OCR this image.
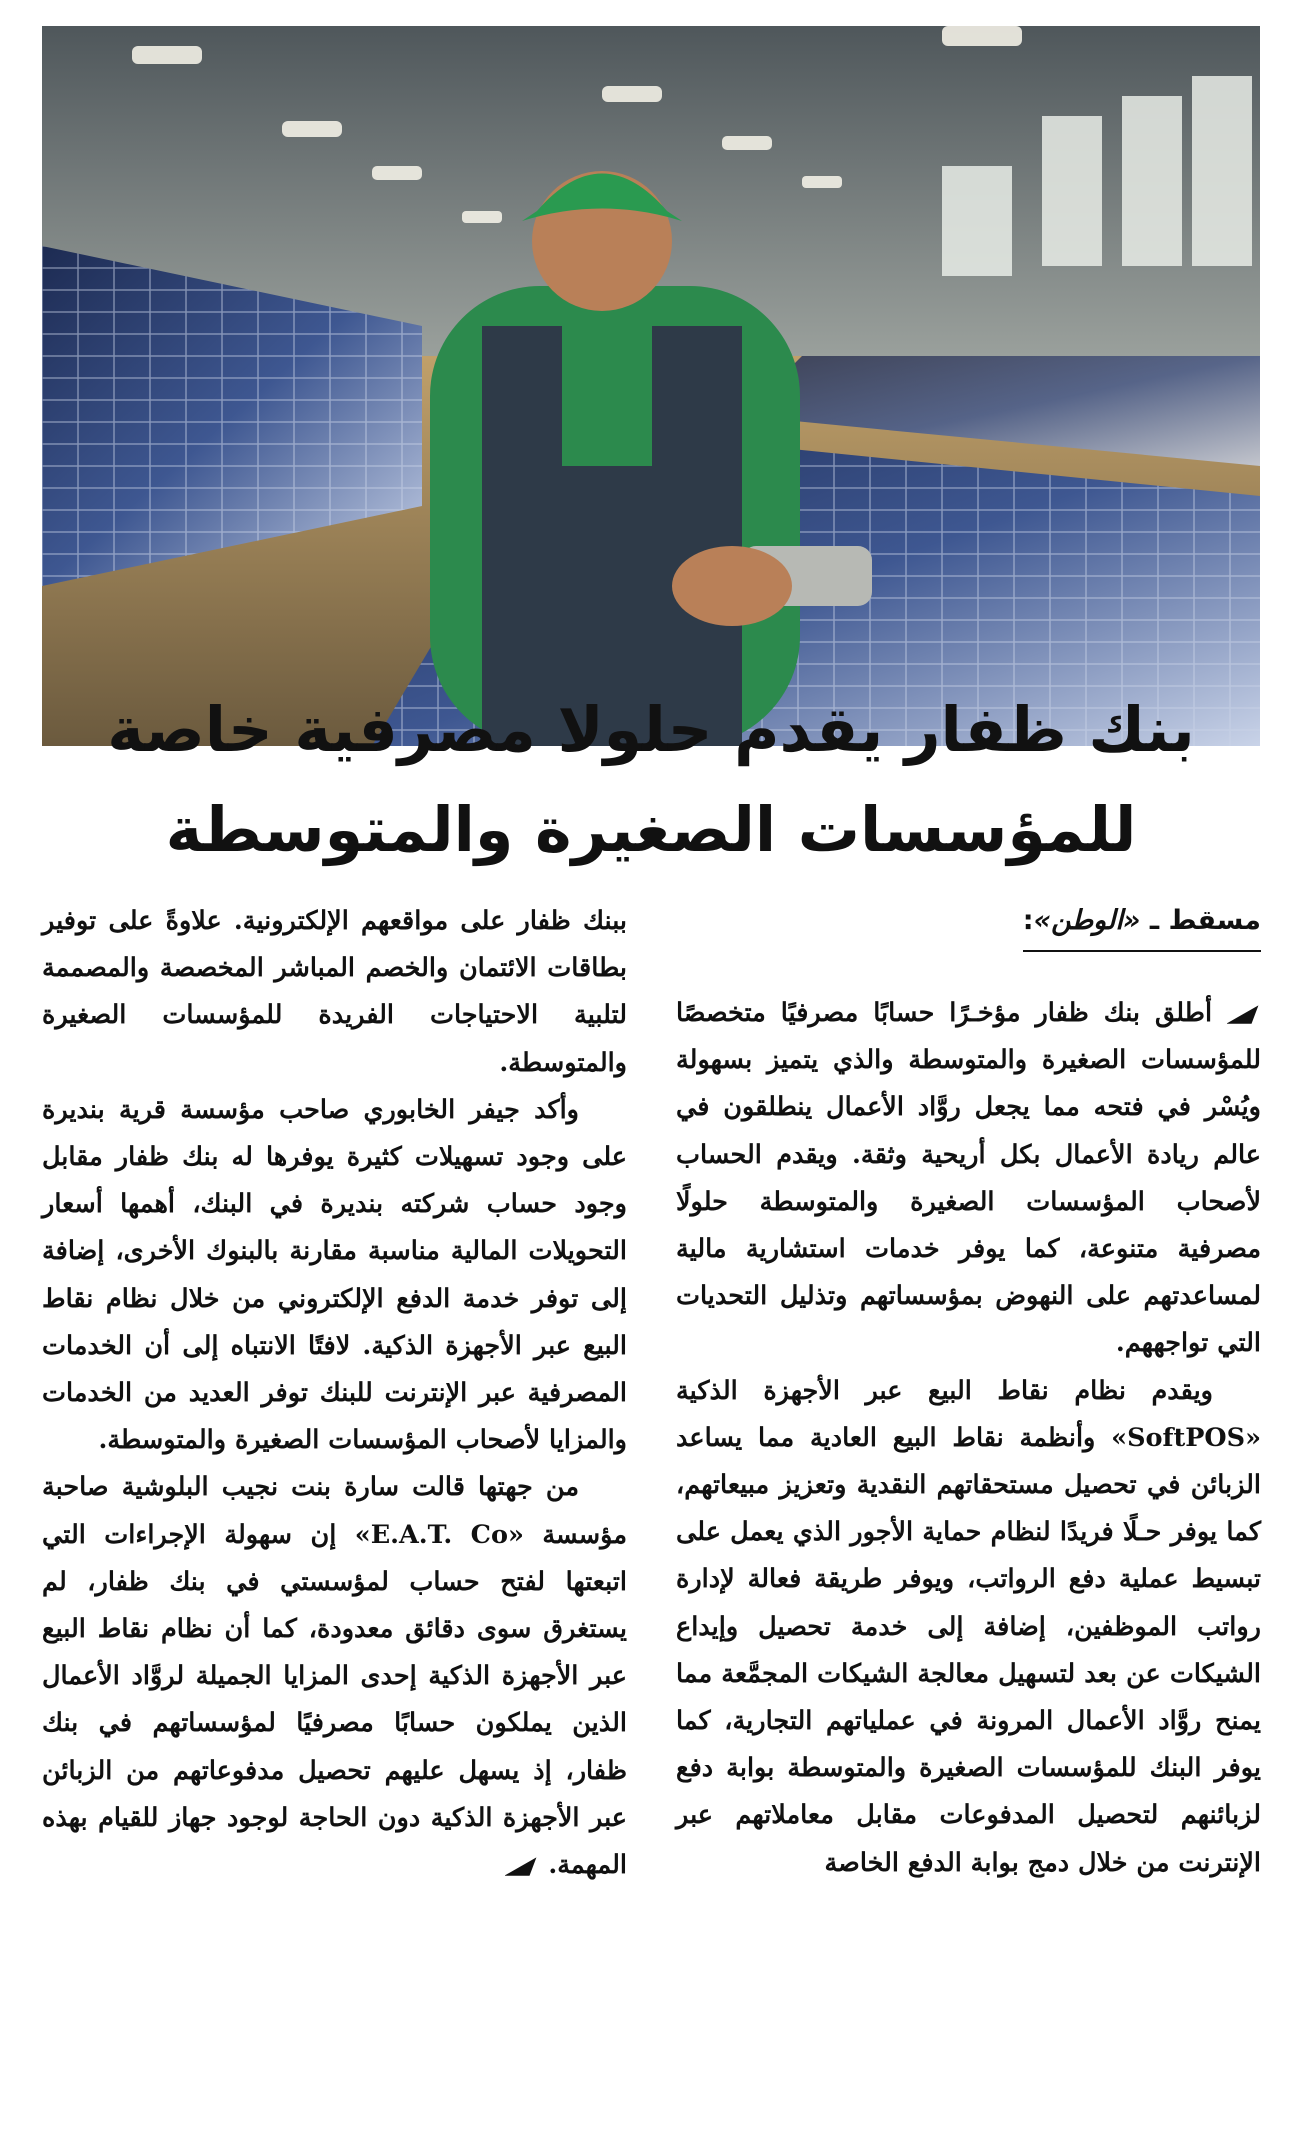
بنك ظفار يقدم حلولا مصرفية خاصة
للمؤسسات الصغيرة والمتوسطة
مسقط ـ «الوطن»:

أطلق بنك ظفار مؤخـرًا حسابًا مصرفيًا متخصصًا للمؤسسات الصغيرة والمتوسطة والذي يتميز بسهولة ويُسْر في فتحه مما يجعل روَّاد الأعمال ينطلقون في عالم ريادة الأعمال بكل أريحية وثقة. ويقدم الحساب لأصحاب المؤسسات الصغيرة والمتوسطة حلولًا مصرفية متنوعة، كما يوفر خدمات استشارية مالية لمساعدتهم على النهوض بمؤسساتهم وتذليل التحديات التي تواجههم.

ويقدم نظام نقاط البيع عبر الأجهزة الذكية «SoftPOS» وأنظمة نقاط البيع العادية مما يساعد الزبائن في تحصيل مستحقاتهم النقدية وتعزيز مبيعاتهم، كما يوفر حـلًا فريدًا لنظام حماية الأجور الذي يعمل على تبسيط عملية دفع الرواتب، ويوفر طريقة فعالة لإدارة رواتب الموظفين، إضافة إلى خدمة تحصيل وإيداع الشيكات عن بعد لتسهيل معالجة الشيكات المجمَّعة مما يمنح روَّاد الأعمال المرونة في عملياتهم التجارية، كما يوفر البنك للمؤسسات الصغيرة والمتوسطة بوابة دفع لزبائنهم لتحصيل المدفوعات مقابل معاملاتهم عبر الإنترنت من خلال دمج بوابة الدفع الخاصة

ببنك ظفار على مواقعهم الإلكترونية. علاوةً على توفير بطاقات الائتمان والخصم المباشر المخصصة والمصممة لتلبية الاحتياجات الفريدة للمؤسسات الصغيرة والمتوسطة.

وأكد جيفر الخابوري صاحب مؤسسة قرية بنديرة على وجود تسهيلات كثيرة يوفرها له بنك ظفار مقابل وجود حساب شركته بنديرة في البنك، أهمها أسعار التحويلات المالية مناسبة مقارنة بالبنوك الأخرى، إضافة إلى توفر خدمة الدفع الإلكتروني من خلال نظام نقاط البيع عبر الأجهزة الذكية. لافتًا الانتباه إلى أن الخدمات المصرفية عبر الإنترنت للبنك توفر العديد من الخدمات والمزايا لأصحاب المؤسسات الصغيرة والمتوسطة.

من جهتها قالت سارة بنت نجيب البلوشية صاحبة مؤسسة «E.A.T. Co» إن سهولة الإجراءات التي اتبعتها لفتح حساب لمؤسستي في بنك ظفار، لم يستغرق سوى دقائق معدودة، كما أن نظام نقاط البيع عبر الأجهزة الذكية إحدى المزايا الجميلة لروَّاد الأعمال الذين يملكون حسابًا مصرفيًا لمؤسساتهم في بنك ظفار، إذ يسهل عليهم تحصيل مدفوعاتهم من الزبائن عبر الأجهزة الذكية دون الحاجة لوجود جهاز للقيام بهذه المهمة.
